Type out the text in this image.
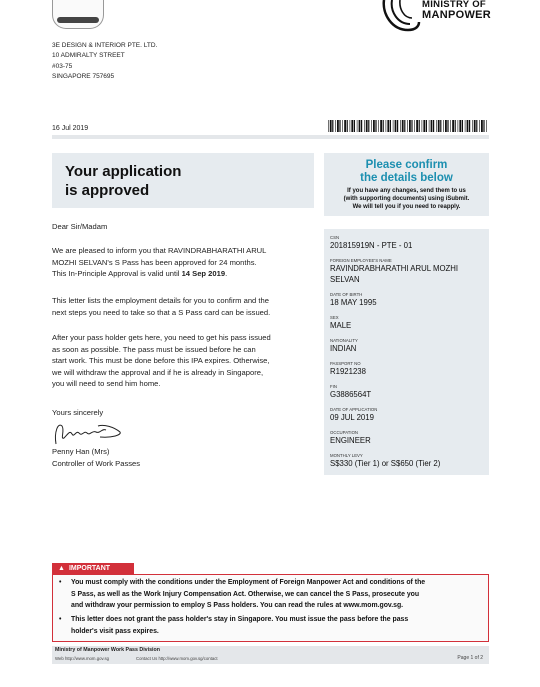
MINISTRY OF
MANPOWER
3E DESIGN & INTERIOR PTE. LTD.
10 ADMIRALTY STREET
#03-75
SINGAPORE 757695
16 Jul 2019
Your application
is approved
Please confirm
the details below
If you have any changes, send them to us
(with supporting documents) using iSubmit.
We will tell you if you need to reapply.
Dear Sir/Madam
We are pleased to inform you that RAVINDRABHARATHI ARUL
MOZHI SELVAN's S Pass has been approved for 24 months.
This In-Principle Approval is valid until 14 Sep 2019.
This letter lists the employment details for you to confirm and the
next steps you need to take so that a S Pass card can be issued.
After your pass holder gets here, you need to get his pass issued
as soon as possible. The pass must be issued before he can
start work. This must be done before this IPA expires. Otherwise,
we will withdraw the approval and if he is already in Singapore,
you will need to send him home.
Yours sincerely
Penny Han (Mrs)
Controller of Work Passes
CSN
201815919N - PTE - 01
FOREIGN EMPLOYEE'S NAME
RAVINDRABHARATHI ARUL MOZHI
SELVAN
DATE OF BIRTH
18 MAY 1995
SEX
MALE
NATIONALITY
INDIAN
PASSPORT NO
R1921238
FIN
G3886564T
DATE OF APPLICATION
09 JUL 2019
OCCUPATION
ENGINEER
MONTHLY LEVY
S$330 (Tier 1) or S$650 (Tier 2)
▲ IMPORTANT
• You must comply with the conditions under the Employment of Foreign Manpower Act and conditions of the
S Pass, as well as the Work Injury Compensation Act. Otherwise, we can cancel the S Pass, prosecute you
and withdraw your permission to employ S Pass holders. You can read the rules at www.mom.gov.sg.
• This letter does not grant the pass holder's stay in Singapore. You must issue the pass before the pass
holder's visit pass expires.
Ministry of Manpower Work Pass Division
Web http://www.mom.gov.sg	Contact Us http://www.mom.gov.sg/contact	Page 1 of 2
